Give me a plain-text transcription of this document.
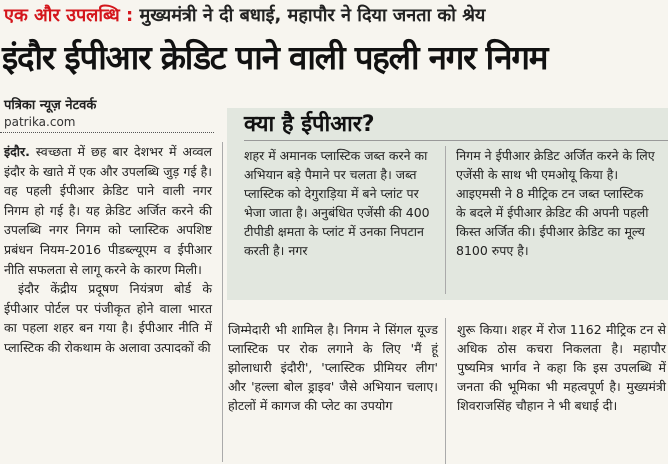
एक और उपलब्धि : मुख्यमंत्री ने दी बधाई, महापौर ने दिया जनता को श्रेय
इंदौर ईपीआर क्रेडिट पाने वाली पहली नगर निगम
पत्रिका न्यूज़ नेटवर्क
patrika.com

इंदौर. स्वच्छता में छह बार देशभर में अव्वल इंदौर के खाते में एक और उपलब्धि जुड़ गई है। वह पहली ईपीआर क्रेडिट पाने वाली नगर निगम हो गई है। यह क्रेडिट अर्जित करने की उपलब्धि नगर निगम को प्लास्टिक अपशिष्ट प्रबंधन नियम-2016 पीडब्ल्यूएम व ईपीआर नीति सफलता से लागू करने के कारण मिली।

इंदौर केंद्रीय प्रदूषण नियंत्रण बोर्ड के ईपीआर पोर्टल पर पंजीकृत होने वाला भारत का पहला शहर बन गया है। ईपीआर नीति में प्लास्टिक की रोकथाम के अलावा उत्पादकों की

क्या है ईपीआर?
शहर में अमानक प्लास्टिक जब्त करने का अभियान बड़े पैमाने पर चलता है। जब्त प्लास्टिक को देगुराड़िया में बने प्लांट पर भेजा जाता है। अनुबंधित एजेंसी की 400 टीपीडी क्षमता के प्लांट में उनका निपटान करती है। नगर
निगम ने ईपीआर क्रेडिट अर्जित करने के लिए एजेंसी के साथ भी एमओयू किया है। आइएमसी ने 8 मीट्रिक टन जब्त प्लास्टिक के बदले में ईपीआर क्रेडिट की अपनी पहली किस्त अर्जित की। ईपीआर क्रेडिट का मूल्य 8100 रुपए है।
जिम्मेदारी भी शामिल है। निगम ने सिंगल यूज्ड प्लास्टिक पर रोक लगाने के लिए 'मैं हूं झोलाधारी इंदौरी', 'प्लास्टिक प्रीमियर लीग' और 'हल्ला बोल ड्राइव' जैसे अभियान चलाए। होटलों में कागज की प्लेट का उपयोग
शुरू किया। शहर में रोज 1162 मीट्रिक टन से अधिक ठोस कचरा निकलता है। महापौर पुष्यमित्र भार्गव ने कहा कि इस उपलब्धि में जनता की भूमिका भी महत्वपूर्ण है। मुख्यमंत्री शिवराजसिंह चौहान ने भी बधाई दी।
